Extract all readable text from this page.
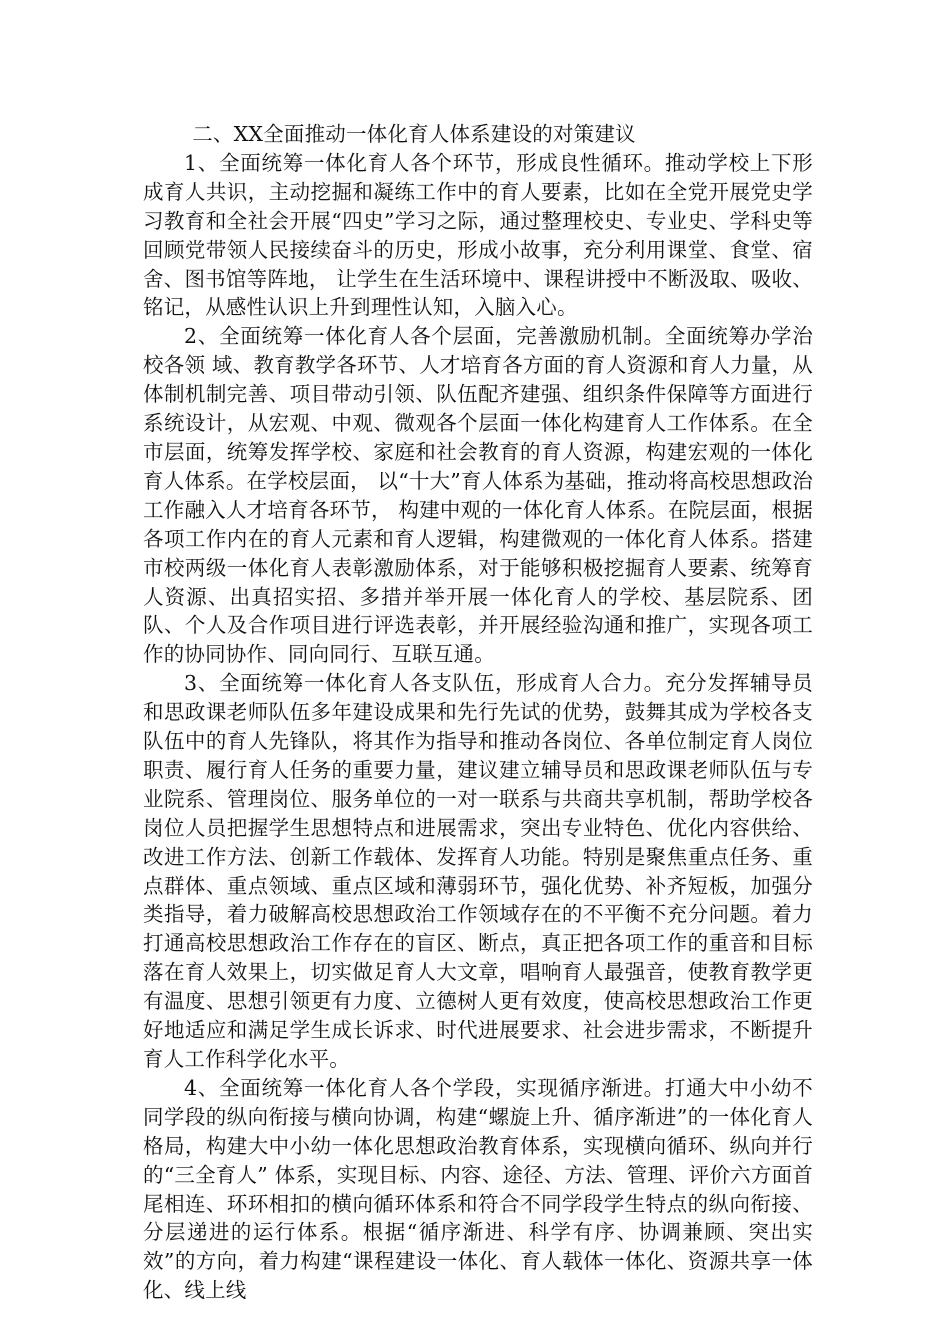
二、XX全面推动一体化育人体系建设的对策建议

1、全面统筹一体化育人各个环节，形成良性循环。推动学校上下形成育人共识，主动挖掘和凝练工作中的育人要素，比如在全党开展党史学习教育和全社会开展“四史”学习之际，通过整理校史、专业史、学科史等回顾党带领人民接续奋斗的历史，形成小故事，充分利用课堂、食堂、宿舍、图书馆等阵地， 让学生在生活环境中、课程讲授中不断汲取、吸收、铭记，从感性认识上升到理性认知，入脑入心。

2、全面统筹一体化育人各个层面，完善激励机制。全面统筹办学治校各领 域、教育教学各环节、人才培育各方面的育人资源和育人力量，从体制机制完善、项目带动引领、队伍配齐建强、组织条件保障等方面进行系统设计，从宏观、中观、微观各个层面一体化构建育人工作体系。在全市层面，统筹发挥学校、家庭和社会教育的育人资源，构建宏观的一体化育人体系。在学校层面， 以“十大”育人体系为基础，推动将高校思想政治工作融入人才培育各环节， 构建中观的一体化育人体系。在院层面，根据各项工作内在的育人元素和育人逻辑，构建微观的一体化育人体系。搭建市校两级一体化育人表彰激励体系，对于能够积极挖掘育人要素、统筹育人资源、出真招实招、多措并举开展一体化育人的学校、基层院系、团队、个人及合作项目进行评选表彰，并开展经验沟通和推广，实现各项工作的协同协作、同向同行、互联互通。

3、全面统筹一体化育人各支队伍，形成育人合力。充分发挥辅导员和思政课老师队伍多年建设成果和先行先试的优势，鼓舞其成为学校各支队伍中的育人先锋队，将其作为指导和推动各岗位、各单位制定育人岗位职责、履行育人任务的重要力量，建议建立辅导员和思政课老师队伍与专业院系、管理岗位、服务单位的一对一联系与共商共享机制，帮助学校各岗位人员把握学生思想特点和进展需求，突出专业特色、优化内容供给、改进工作方法、创新工作载体、发挥育人功能。特别是聚焦重点任务、重点群体、重点领域、重点区域和薄弱环节，强化优势、补齐短板，加强分类指导，着力破解高校思想政治工作领域存在的不平衡不充分问题。着力打通高校思想政治工作存在的盲区、断点，真正把各项工作的重音和目标落在育人效果上，切实做足育人大文章，唱响育人最强音，使教育教学更有温度、思想引领更有力度、立德树人更有效度，使高校思想政治工作更好地适应和满足学生成长诉求、时代进展要求、社会进步需求，不断提升育人工作科学化水平。

4、全面统筹一体化育人各个学段，实现循序渐进。打通大中小幼不同学段的纵向衔接与横向协调，构建“螺旋上升、循序渐进”的一体化育人格局，构建大中小幼一体化思想政治教育体系，实现横向循环、纵向并行的“三全育人” 体系，实现目标、内容、途径、方法、管理、评价六方面首尾相连、环环相扣的横向循环体系和符合不同学段学生特点的纵向衔接、分层递进的运行体系。根据“循序渐进、科学有序、协调兼顾、突出实效”的方向，着力构建“课程建设一体化、育人载体一体化、资源共享一体化、线上线
